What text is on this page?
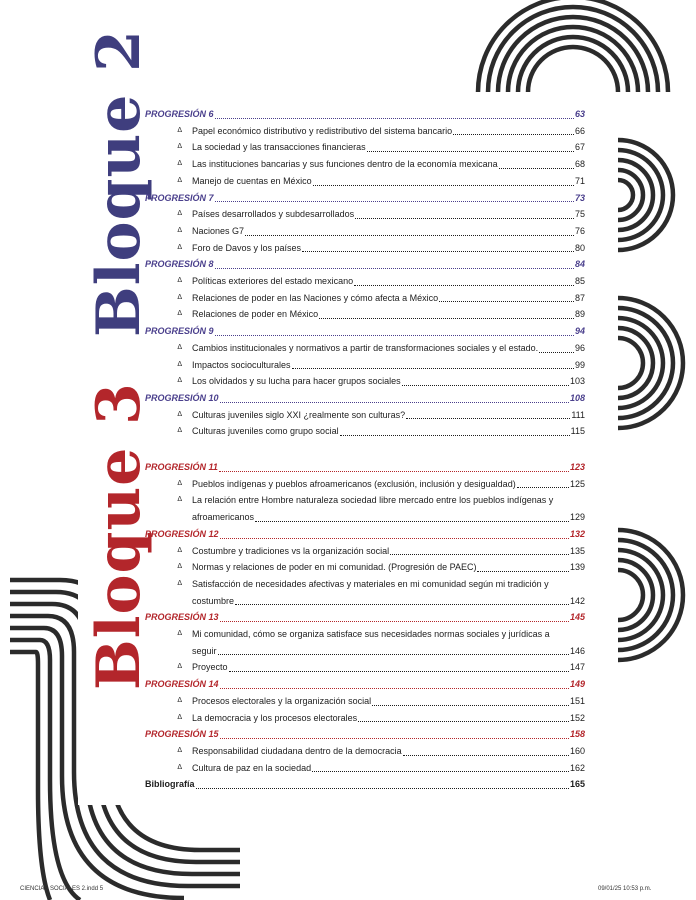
Bloque 2
Bloque 3
PROGRESIÓN 6	63
Δ	Papel económico distributivo y redistributivo del sistema bancario	66
Δ	La sociedad y las transacciones financieras	67
Δ	Las instituciones bancarias y sus funciones dentro de la economía mexicana	68
Δ	Manejo de cuentas en México	71
PROGRESIÓN 7	73
Δ	Países desarrollados y subdesarrollados	75
Δ	Naciones G7	76
Δ	Foro de Davos y los países	80
PROGRESIÓN 8	84
Δ	Políticas exteriores del estado mexicano	85
Δ	Relaciones de poder en las Naciones y cómo afecta a México	87
Δ	Relaciones de poder en México	89
PROGRESIÓN 9	94
Δ	Cambios institucionales y normativos a partir de transformaciones sociales y el estado.	96
Δ	Impactos socioculturales	99
Δ	Los olvidados y su lucha para hacer grupos sociales	103
PROGRESIÓN 10	108
Δ	Culturas juveniles siglo XXI ¿realmente son culturas?	111
Δ	Culturas juveniles como grupo social	115
PROGRESIÓN 11	123
Δ	Pueblos indígenas y pueblos afroamericanos (exclusión, inclusión y desigualdad)	125
Δ	La relación entre Hombre naturaleza sociedad libre mercado entre los pueblos indígenas y
afroamericanos	129
PROGRESIÓN 12	132
Δ	Costumbre y tradiciones vs la organización social	135
Δ	Normas y relaciones de poder en mi comunidad. (Progresión de PAEC)	139
Δ	Satisfacción de necesidades afectivas y materiales en mi comunidad según mi tradición y
costumbre	142
PROGRESIÓN 13	145
Δ	Mi comunidad, cómo se organiza satisface sus necesidades normas sociales y jurídicas a
seguir	146
Δ	Proyecto	147
PROGRESIÓN 14	149
Δ	Procesos electorales y la organización social	151
Δ	La democracia y los procesos electorales	152
PROGRESIÓN 15	158
Δ	Responsabilidad ciudadana dentro de la democracia	160
Δ	Cultura de paz en la sociedad	162
Bibliografía	165
CIENCIAS SOCIALES 2.indd 5	09/01/25 10:53 p.m.
